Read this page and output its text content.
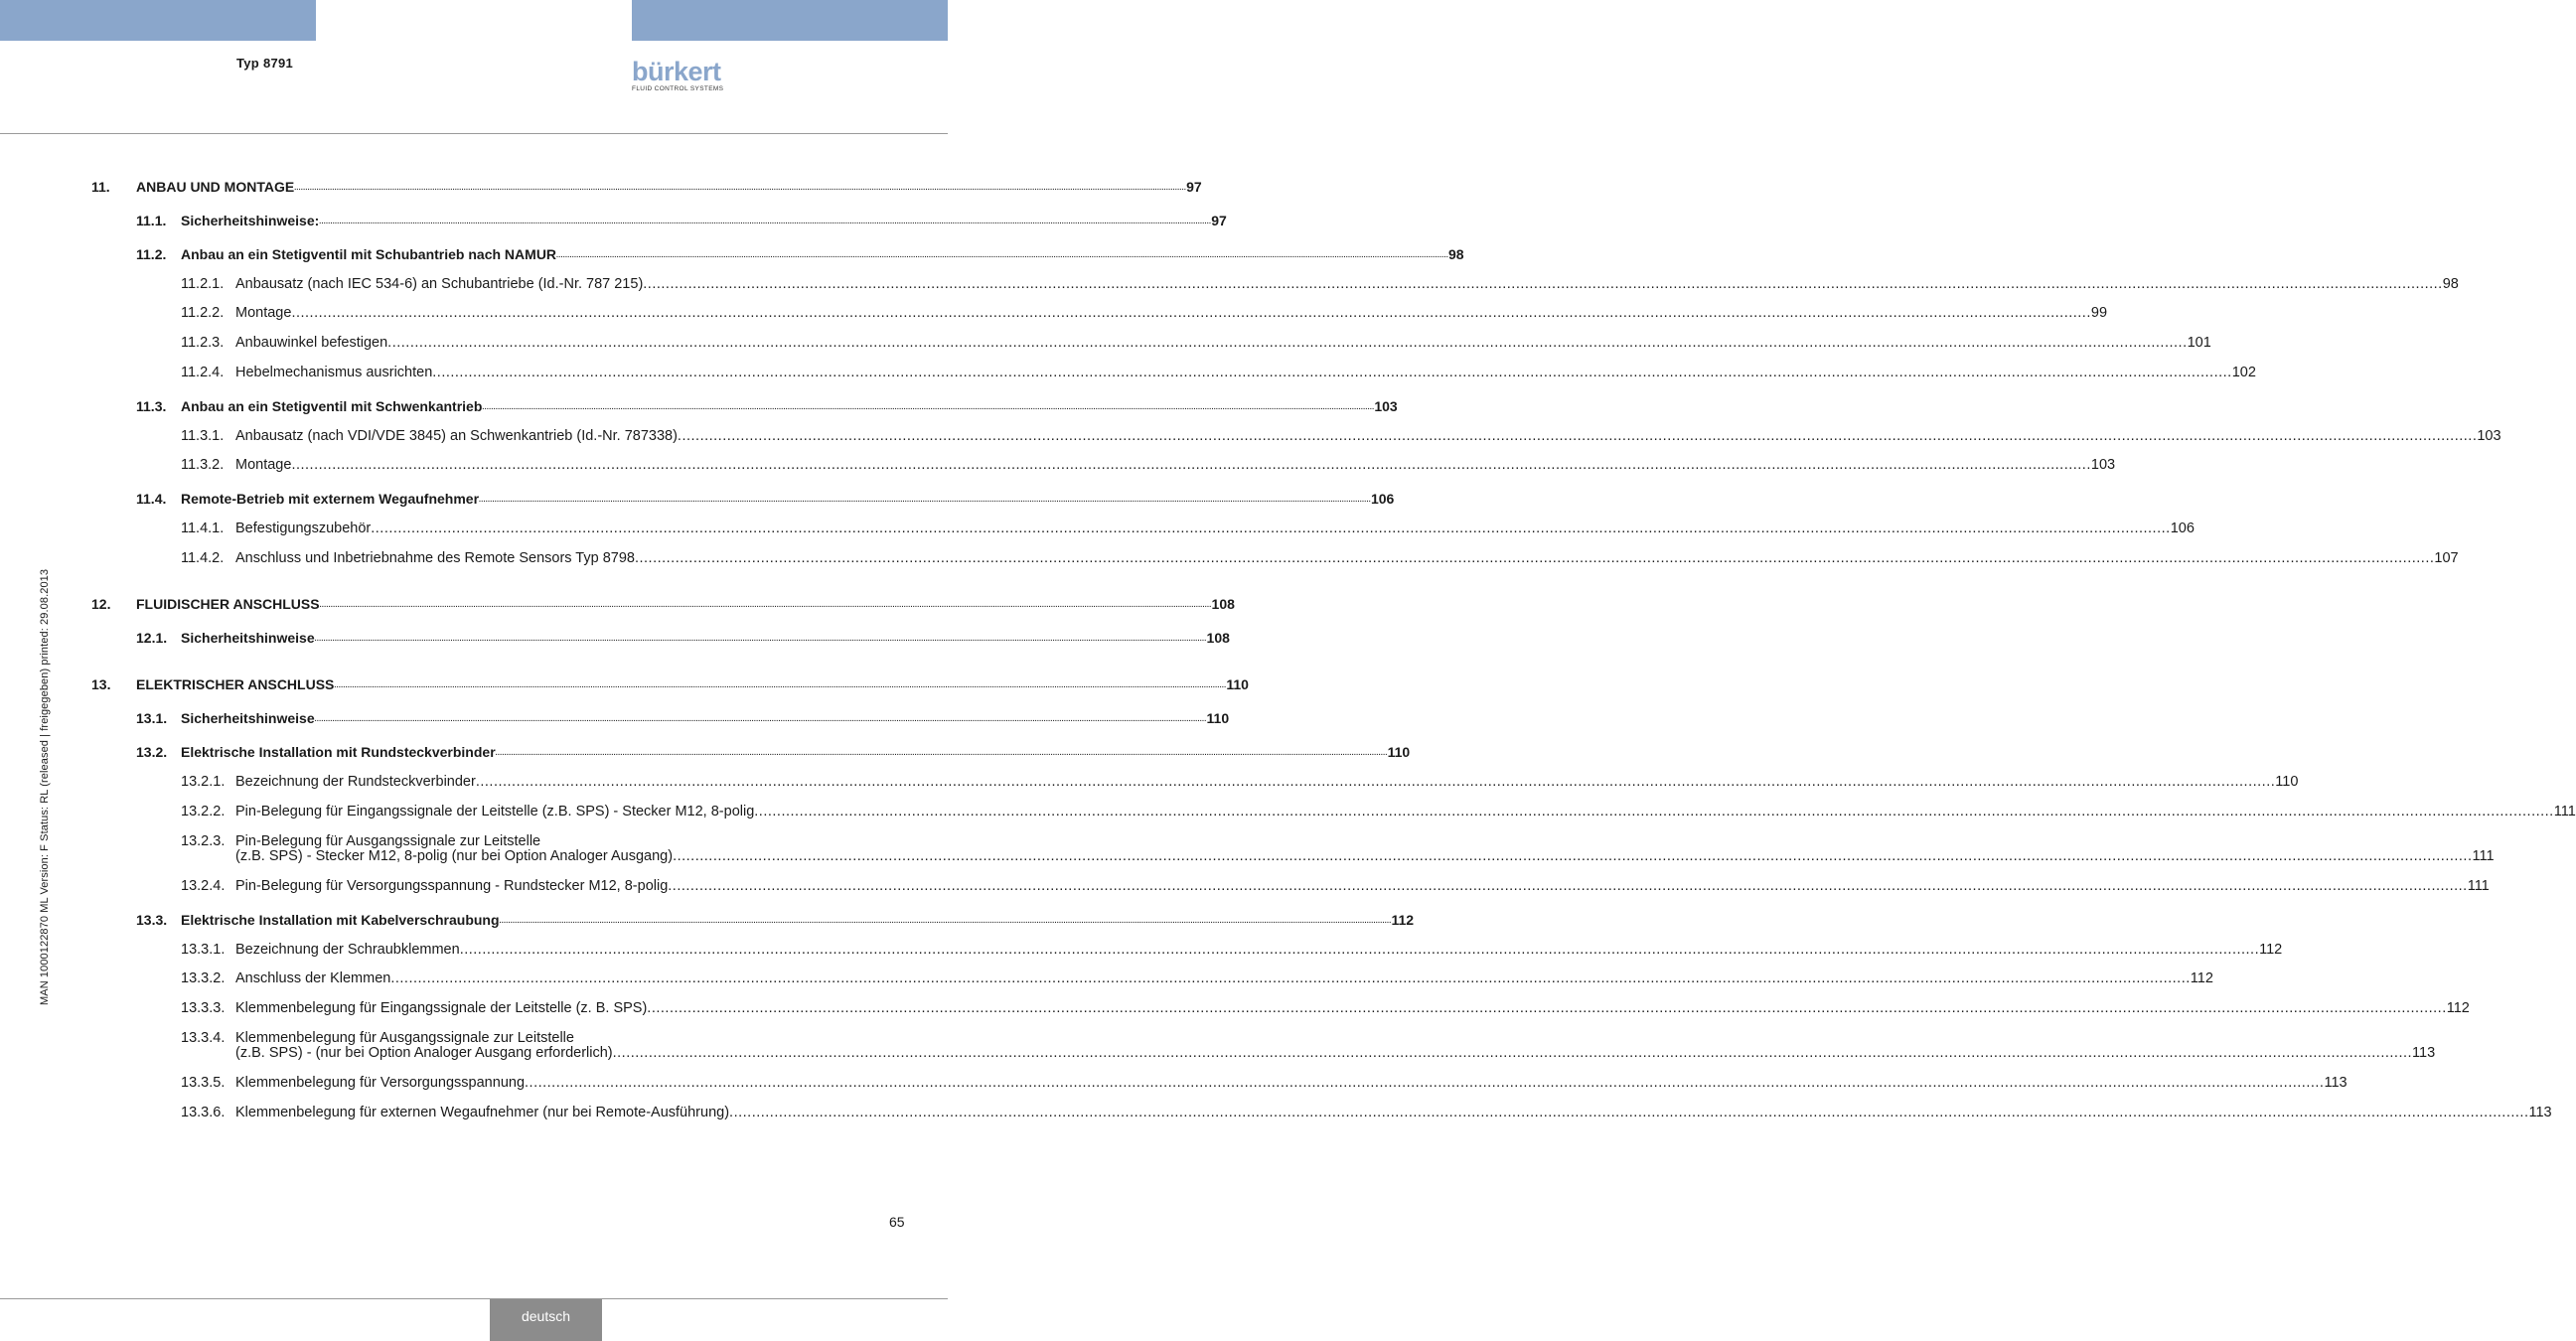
Typ 8791	bürkert
FLUID CONTROL SYSTEMS
MAN 1000122870 ML Version: F Status: RL (released | freigegeben) printed: 29.08.2013
11. ANBAU UND MONTAGE ................................................................................................................................................................................................................................................................................................................................................................................................................ 97
11.1. Sicherheitshinweise: ................................................................................................................................................................................................................................................................................................................................................................................................................ 97
11.2. Anbau an ein Stetigventil mit Schubantrieb nach NAMUR ................................................................................................................................................................................................................................................................................................................................................................................................................ 98
11.2.1. Anbausatz (nach IEC 534-6) an Schubantriebe (Id.-Nr. 787 215) ................................................................................................................................................................................................................................................................................................................................................................................................................ 98
11.2.2. Montage ................................................................................................................................................................................................................................................................................................................................................................................................................ 99
11.2.3. Anbauwinkel befestigen ................................................................................................................................................................................................................................................................................................................................................................................................................ 101
11.2.4. Hebelmechanismus ausrichten ................................................................................................................................................................................................................................................................................................................................................................................................................ 102
11.3. Anbau an ein Stetigventil mit Schwenkantrieb ................................................................................................................................................................................................................................................................................................................................................................................................................ 103
11.3.1. Anbausatz (nach VDI/VDE 3845) an Schwenkantrieb (Id.-Nr. 787338) ................................................................................................................................................................................................................................................................................................................................................................................................................ 103
11.3.2. Montage ................................................................................................................................................................................................................................................................................................................................................................................................................ 103
11.4. Remote-Betrieb mit externem Wegaufnehmer ................................................................................................................................................................................................................................................................................................................................................................................................................ 106
11.4.1. Befestigungszubehör ................................................................................................................................................................................................................................................................................................................................................................................................................ 106
11.4.2. Anschluss und Inbetriebnahme des Remote Sensors Typ 8798 ................................................................................................................................................................................................................................................................................................................................................................................................................ 107
12. FLUIDISCHER ANSCHLUSS ................................................................................................................................................................................................................................................................................................................................................................................................................ 108
12.1. Sicherheitshinweise ................................................................................................................................................................................................................................................................................................................................................................................................................ 108
13. ELEKTRISCHER ANSCHLUSS ................................................................................................................................................................................................................................................................................................................................................................................................................ 110
13.1. Sicherheitshinweise ................................................................................................................................................................................................................................................................................................................................................................................................................ 110
13.2. Elektrische Installation mit Rundsteckverbinder ................................................................................................................................................................................................................................................................................................................................................................................................................ 110
13.2.1. Bezeichnung der Rundsteckverbinder ................................................................................................................................................................................................................................................................................................................................................................................................................ 110
13.2.2. Pin-Belegung für Eingangssignale der Leitstelle (z.B. SPS) - Stecker M12, 8-polig ................................................................................................................................................................................................................................................................................................................................................................................................................ 111
13.2.3. Pin-Belegung für Ausgangssignale zur Leitstelle
(z.B. SPS) - Stecker M12, 8-polig (nur bei Option Analoger Ausgang) ................................................................................................................................................................................................................................................................................................................................................................................................................ 111
13.2.4. Pin-Belegung für Versorgungsspannung - Rundstecker M12, 8-polig ................................................................................................................................................................................................................................................................................................................................................................................................................ 111
13.3. Elektrische Installation mit Kabelverschraubung ................................................................................................................................................................................................................................................................................................................................................................................................................ 112
13.3.1. Bezeichnung der Schraubklemmen ................................................................................................................................................................................................................................................................................................................................................................................................................ 112
13.3.2. Anschluss der Klemmen ................................................................................................................................................................................................................................................................................................................................................................................................................ 112
13.3.3. Klemmenbelegung für Eingangssignale der Leitstelle (z. B. SPS) ................................................................................................................................................................................................................................................................................................................................................................................................................ 112
13.3.4. Klemmenbelegung für Ausgangssignale zur Leitstelle
(z.B. SPS) - (nur bei Option Analoger Ausgang erforderlich) ................................................................................................................................................................................................................................................................................................................................................................................................................ 113
13.3.5. Klemmenbelegung für Versorgungsspannung ................................................................................................................................................................................................................................................................................................................................................................................................................ 113
13.3.6. Klemmenbelegung für externen Wegaufnehmer (nur bei Remote-Ausführung) ................................................................................................................................................................................................................................................................................................................................................................................................................ 113
65
deutsch
